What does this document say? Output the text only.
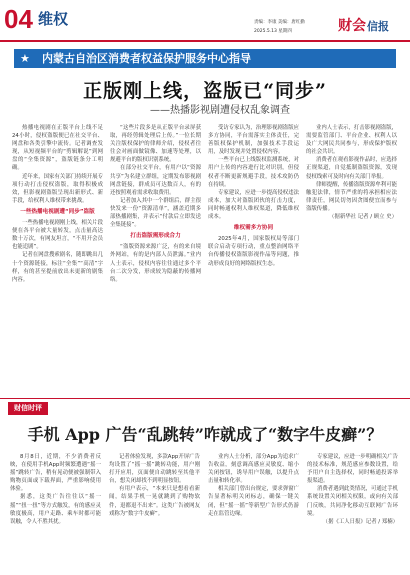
04 维权	责编：李康 美编：唐红勤
2025.5.13 星期四	财会信报
★ 内蒙古自治区消费者权益保护服务中心指导
正版刚上线，盗版已“同步”
——热播影视剧遭侵权乱象调查

热播电视剧在正版平台上线不足24小时，侵权盗版便已在社交平台、网盘和各类引擎中流传。记者调查发现，从短视频平台的“剪辑解说”到网盘的“全集资源”，盗版链条分工明确。

近年来，国家有关部门持续开展专项行动打击侵权盗版，取得积极成效，但影视剧盗版呈现出新形式、新手段，给权利人维权带来挑战。

一些热播电视剧遭“同步”盗版

一些热播电视剧刚上线，相关片段便在各平台被大量转发，点击量高达数十万次，有网友坦言，“不用开会员也能追剧”。

记者在网盘搜索剧名，随即跳出几十个资源链接，标注“全集”“高清”字样，有的甚至提前放出未更新的剧集内容。

“这些片段多是从正版平台录屏获取，再经剪辑处理后上传。”一位长期关注版权保护的律师介绍，侵权者往往会对画面做镜像、加速等处理，以规避平台的版权识别系统。

在部分社交平台，有用户以“资源共享”为名建立群组，定期发布影视剧网盘链接，群成员可达数百人，有的还按照观看需求收取费用。

记者加入其中一个群组后，群主很快发来一份“资源清单”，涵盖近期多部热播剧集，并表示“付款后立即发送全集链接”。

打击盗版需形成合力

“盗版资源来源广泛，有的来自境外网站，有的是内部人员泄露。”业内人士表示，侵权内容往往通过多个平台二次分发，形成较为隐蔽的传播网络。

受访专家认为，治理影视剧盗版应多方协同，平台需落实主体责任，完善版权保护机制，加强技术手段运用，及时发现并处置侵权内容。

一些平台已上线版权监测系统，对用户上传的内容进行比对识别，但侵权者不断更新规避手段，技术攻防仍在持续。

专家建议，应进一步提高侵权违法成本，加大对盗版团伙的打击力度，同时畅通权利人维权渠道，降低维权成本。

维权需多方协同

2025年4月，国家版权局等部门联合启动专项行动，重点整治网络平台传播侵权盗版影视作品等问题，推动形成良好的网络版权生态。

业内人士表示，打击影视剧盗版，需要监管部门、平台企业、权利人以及广大网民共同参与，形成保护版权的社会共识。

消费者在观看影视作品时，应选择正规渠道，自觉抵制盗版资源，发现侵权线索可及时向有关部门举报。

律师提醒，传播盗版资源牟利可能触犯法律，情节严重的将承担相应法律责任，网民切勿因贪图便宜而参与盗版传播。

（据新华社 记者 / 顾立 史）

财信时评
手机 App 广告“乱跳转”咋就成了“数字牛皮癣”？

8月8日，近期，不少消费者反映，在使用手机App时频繁遭遇“摇一摇”跳转广告，稍有晃动便被强制带入购物页面或下载界面，严重影响使用体验。

据悉，这类广告往往以“摇一摇”“扭一扭”等方式触发，有的感应灵敏度极高，用户走路、乘车时都可能误触，令人不胜其扰。

记者体验发现，多款App开屏广告均设置了“摇一摇”跳转功能，用户刚打开应用，页面便自动跳转至其他平台，想关闭却找不到明显按钮。

有用户表示，“本来只是想看看新闻，结果手机一晃就跳到了购物软件，退都退不出来”。这类广告被网友戏称为“数字牛皮癣”。

业内人士分析，部分App为追求广告收益，刻意调高感应灵敏度、缩小关闭按钮，诱导用户误触，以提升点击量和转化率。

相关部门曾出台规定，要求弹窗广告显著标明关闭标志，确保一键关闭，但“摇一摇”等新型广告形式仍游走在监管边缘。

专家建议，应进一步明确相关广告的技术标准，规范感应参数设置，给予用户自主选择权，同时畅通投诉举报渠道。

消费者遇到此类情况，可通过手机系统设置关闭相关权限，或向有关部门反映，共同净化移动互联网广告环境。

（据《工人日报》记者 / 郑楠）
